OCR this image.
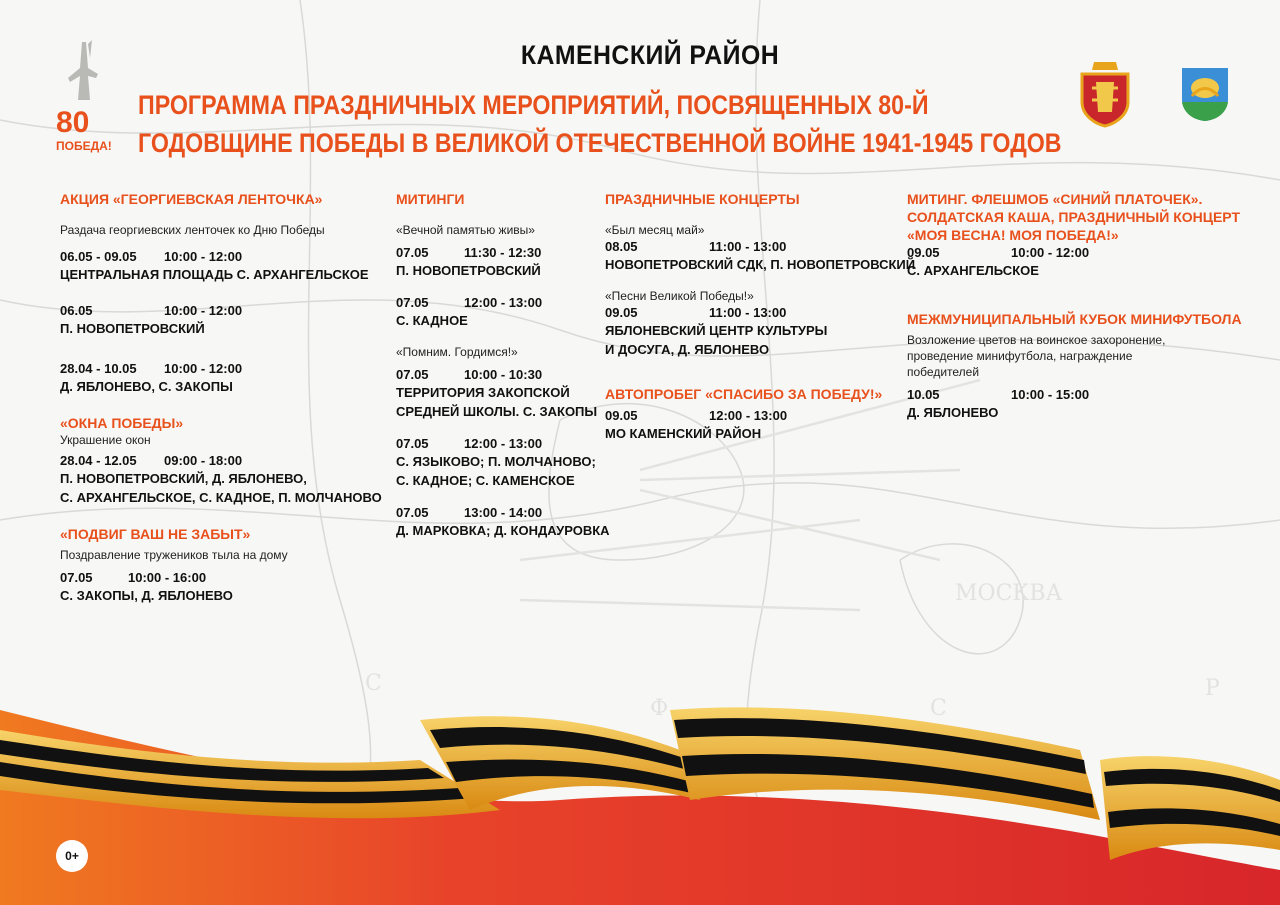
МОСКВА
С
Ф	С
Р
80
ПОБЕДА!
КАМЕНСКИЙ РАЙОН
ПРОГРАММА ПРАЗДНИЧНЫХ МЕРОПРИЯТИЙ, ПОСВЯЩЕННЫХ 80-Й
ГОДОВЩИНЕ ПОБЕДЫ В ВЕЛИКОЙ ОТЕЧЕСТВЕННОЙ ВОЙНЕ 1941-1945 ГОДОВ
АКЦИЯ «ГЕОРГИЕВСКАЯ ЛЕНТОЧКА»
Раздача георгиевских ленточек ко Дню Победы
06.05 - 09.05 10:00 - 12:00
ЦЕНТРАЛЬНАЯ ПЛОЩАДЬ С. АРХАНГЕЛЬСКОЕ
06.05	10:00 - 12:00
П. НОВОПЕТРОВСКИЙ
28.04 - 10.05 10:00 - 12:00
Д. ЯБЛОНЕВО, С. ЗАКОПЫ
«ОКНА ПОБЕДЫ»
Украшение окон
28.04 - 12.05 09:00 - 18:00
П. НОВОПЕТРОВСКИЙ, Д. ЯБЛОНЕВО,
С. АРХАНГЕЛЬСКОЕ, С. КАДНОЕ, П. МОЛЧАНОВО
«ПОДВИГ ВАШ НЕ ЗАБЫТ»
Поздравление тружеников тыла на дому
07.05	10:00 - 16:00
С. ЗАКОПЫ, Д. ЯБЛОНЕВО
МИТИНГИ
«Вечной памятью живы»
07.05	11:30 - 12:30
П. НОВОПЕТРОВСКИЙ
07.05	12:00 - 13:00
С. КАДНОЕ
«Помним. Гордимся!»
07.05	10:00 - 10:30
ТЕРРИТОРИЯ ЗАКОПСКОЙ
СРЕДНЕЙ ШКОЛЫ. С. ЗАКОПЫ
07.05	12:00 - 13:00
С. ЯЗЫКОВО; П. МОЛЧАНОВО;
С. КАДНОЕ; С. КАМЕНСКОЕ
07.05	13:00 - 14:00
Д. МАРКОВКА; Д. КОНДАУРОВКА
ПРАЗДНИЧНЫЕ КОНЦЕРТЫ
«Был месяц май»
08.05	11:00 - 13:00
НОВОПЕТРОВСКИЙ СДК, П. НОВОПЕТРОВСКИЙ
«Песни Великой Победы!»
09.05	11:00 - 13:00
ЯБЛОНЕВСКИЙ ЦЕНТР КУЛЬТУРЫ
И ДОСУГА, Д. ЯБЛОНЕВО
АВТОПРОБЕГ «СПАСИБО ЗА ПОБЕДУ!»
09.05	12:00 - 13:00
МО КАМЕНСКИЙ РАЙОН
МИТИНГ. ФЛЕШМОБ «СИНИЙ ПЛАТОЧЕК».
СОЛДАТСКАЯ КАША, ПРАЗДНИЧНЫЙ КОНЦЕРТ
«МОЯ ВЕСНА! МОЯ ПОБЕДА!»
09.05	10:00 - 12:00
С. АРХАНГЕЛЬСКОЕ
МЕЖМУНИЦИПАЛЬНЫЙ КУБОК МИНИФУТБОЛА
Возложение цветов на воинское захоронение,
проведение минифутбола, награждение
победителей
10.05	10:00 - 15:00
Д. ЯБЛОНЕВО
0+
